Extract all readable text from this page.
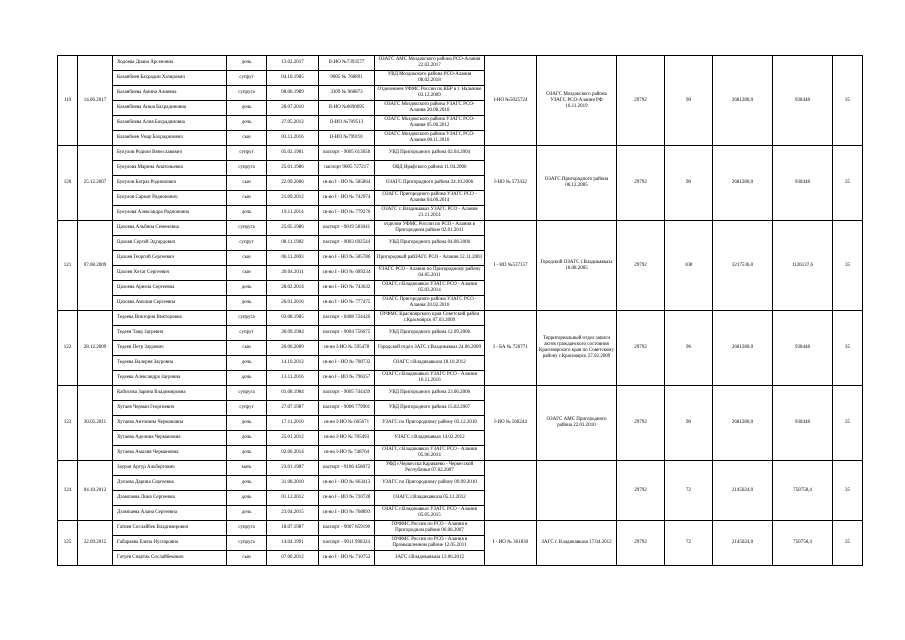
119	14.06.2017	Ходоева Диана Арсеновна	дочь	13.02.2017	II-ИО №7393577	ОЗАГС АМС Моздокского района РСО-Алания 22.02.2017	I-HO №5025724	ОЗАГС Моздокского района УЗАГС РСО-Алания РФ 16.11.2019	29792	90	2681280,0	938448	35
		Казанбиев Бахрадин Хазирович	супруг	04.10.1985	9005 № 768891	УВД Моздокского района РСО-Алания 08.02.2018							
		Казанбиева Амина Алиевна	супруга	08.06.1989	3309 № 968873	Отделением УФМС России по КБР в г. Нальчике 03.12.2009							
		Казанбиева Аиша Бахрадиновна	дочь	28.07.2010	II-ИО №0690095	ОЗАГС Моздокского района УЗАГС РСО-Алания 20.08.2010							
		Казанбиева Алия Бахрадиновна	дочь	27.05.2012	II-ИО №709513	ОЗАГС Моздокского района УЗАГС РСО-Алания 05.06.2012							
		Казанбиев Умар Бахрадинович	сын	03.11.2016	II-ИО №799191	ОЗАГС Моздокского района УЗАГС РСО-Алания 08.11.2016							
120	25.12.2007	Букулов Родион Вячеславович	супруг	05.02.1981	паспорт - 9005 613658	УВД Пригородного района 02.04.2004	I-HO № 573432	ОЗАГС Пригородного района 06.12.2005	29792	90	2681280,0	938448	35
		Букулова Марина Анатольевна	супруга	25.01.1986	паспорт 9005 727217	ОВД Ирафского района 11.04.2006							
		Букулов Батраз Родионович	сын	22.09.2006	св-во I - ИО № 585864	ОЗАГС Пригородного района 24.10.2006							
		Букулов Сармат Родионович	сын	21.09.2012	св-во I - ИО № 742974	ОЗАГС Пригородного района УЗАГС РСО - Алания 04.06.2014							
		Букулова Александра Родионовна	дочь	19.11.2014	св-во I - ИО № 779276	ОЗАГС г. Владикавказ УЗАГС РСО - Алания 21.11.2014							
121	07.08.2009	Цахоева Альбина Семеновна	супруга	25.05.1986	паспорт - 9019 583041	отделом УФМС России по РСО - Алания в Пригородном районе 02.01.2011	I - НО №537157	Городской ОЗАГС г.Владикавказа 16.08.2005	29792	108	3217536,0	1126137,6	35
		Цахоев Сергей Эдуардович	супруг	08.11.1982	паспорт - 9003 692544	УВД Пригородного района 04.08.2006							
		Цахоев Георгий Сергеевич	сын	06.11.2003	св-во I - НО № 585786	Пригородный райЗАГС РСО - Алания 12.11.2003							
		Цахоев Хетаг Сергеевич	сын	20.04.2011	св-во I - НО № 689234	УЗАГС РСО - Алания по Пригородному району 04.05.2011							
		Цахоева Арнела Сергеевна	дочь	28.02.2014	св-во I - НО № 743632	ОЗАГС г.Владикавказ УЗАГС РСО - Алания 05.03.2014							
		Цахоева Амалия Сергеевна	дочь	26.01.2016	св-во I - НО № 777475	ОЗАГС Пригородного района УЗАГС РСО - Алания 20.02.2016							
122	28.12.2009	Тедеева Виктория Викторовна	супруга	03.08.1985	паспорт - 0408 724426	ОУФМС Красноярского края Советский район г.Красноярск 07.03.2009	I - БА № 726771	Территориальный отдел записи актов гражданского состояния Красноярского края по Советскому району г.Красноярск 27.02.2009	29792	96	2681280,0	938448	35
		Тедеев Таир Зауревич	супруг	30.09.1984	паспорт - 9004 756675	УВД Пригородного района 12.09.2006							
		Тедеев Петр Зауревич	сын	20.06.2009	св-во I-ИО № 595478	Городской отдел ЗАГС г.Владикавказ 24.06.2009							
		Тедеева Валерия Зауровна	дочь	14.10.2012	св-во I - ИО № 708732	ОЗАГС г.Владикавказа 18.10.2012							
		Тедеева Александра Зауровна	дочь	13.11.2016	св-во I - ИО № 796357	ОЗАГС г.Владикавказ УЗАГС РСО - Алания 16.11.2016							
123	30.05.2011	Кабисова Зарина Владимировна	супруга	01.08.1984	паспорт - 9005 744439	УВД Пригородного района 23.06.2006	I-ИО № 568244	ОЗАГС АМС Пригородного района 22.01.2010	29792	90	2681280,0	938448	35
		Хутаев Черман Георгиевич	супруг	27.07.1987	паспорт - 9006 779901	УВД Пригородного района 15.02.2007							
		Хутаева Антонина Чермановна	дочь	17.11.2010	св-во I-ИО № 665671	УЗАГС по Пригородному району 02.12.2010							
		Хутаева Аделина Чермановна	дочь	25.01.2012	св-во I-ИО № 705493	УЗАГС г.Владикавказ 14.02.2012							
		Хутаева Амалия Чермановна	дочь	02.06.2014	св-во I-ИО № 748764	ОЗАГС г.Владикавказ УЗАГС РСО - Алания 05.06.2014							
124	04.10.2012	Зауров Артур Альбертович	мать	23.01.1987	паспорт - 9106 458072	УФД г.Черкесска Карачаево - Черкесской Республики 07.02.2007			29792	72	2145024,0	750758,4	35
		Дзгоева Дарина Сергеевна	дочь	31.08.2010	св-во I - ИО № 663413	УЗАГС по Пригородному району 09.09.2010							
		Дзампаева Лина Сергеевна	дочь	01.12.2012	св-во I - ИО № 720728	ОЗАГС г.Владикавказа 05.12.2012							
		Дзампаева Алана Сергеевна	дочь	23.04.2015	св-во I - ИО № 768893	ОЗАГС г.Владикавказ УЗАГС РСО - Алания 05.05.2015							
125	22.09.2015	Гатиев Сослайбек Владимирович	супруга	18.07.1987	паспорт - 9007 859190	ОУФМС России по РСО - Алания в Пригородном районе 06.08.2007	I - ИО № 361830	ЗАГС г. Владикавказа 17.04.2012	29792	72	2145024,0	750758,4	35
		Габараева Елена Нугзаровна	супруга	14.04.1991	паспорт - 9011 998324	ОУФМС России по РСО - Алания в Промышленном районе 12.05.2011							
		Гатуев Спартак Сослайбекович	сын	07.06.2012	св-во I - ИО № 710752	ЗАГС г.Владикавказа 13.06.2012							
